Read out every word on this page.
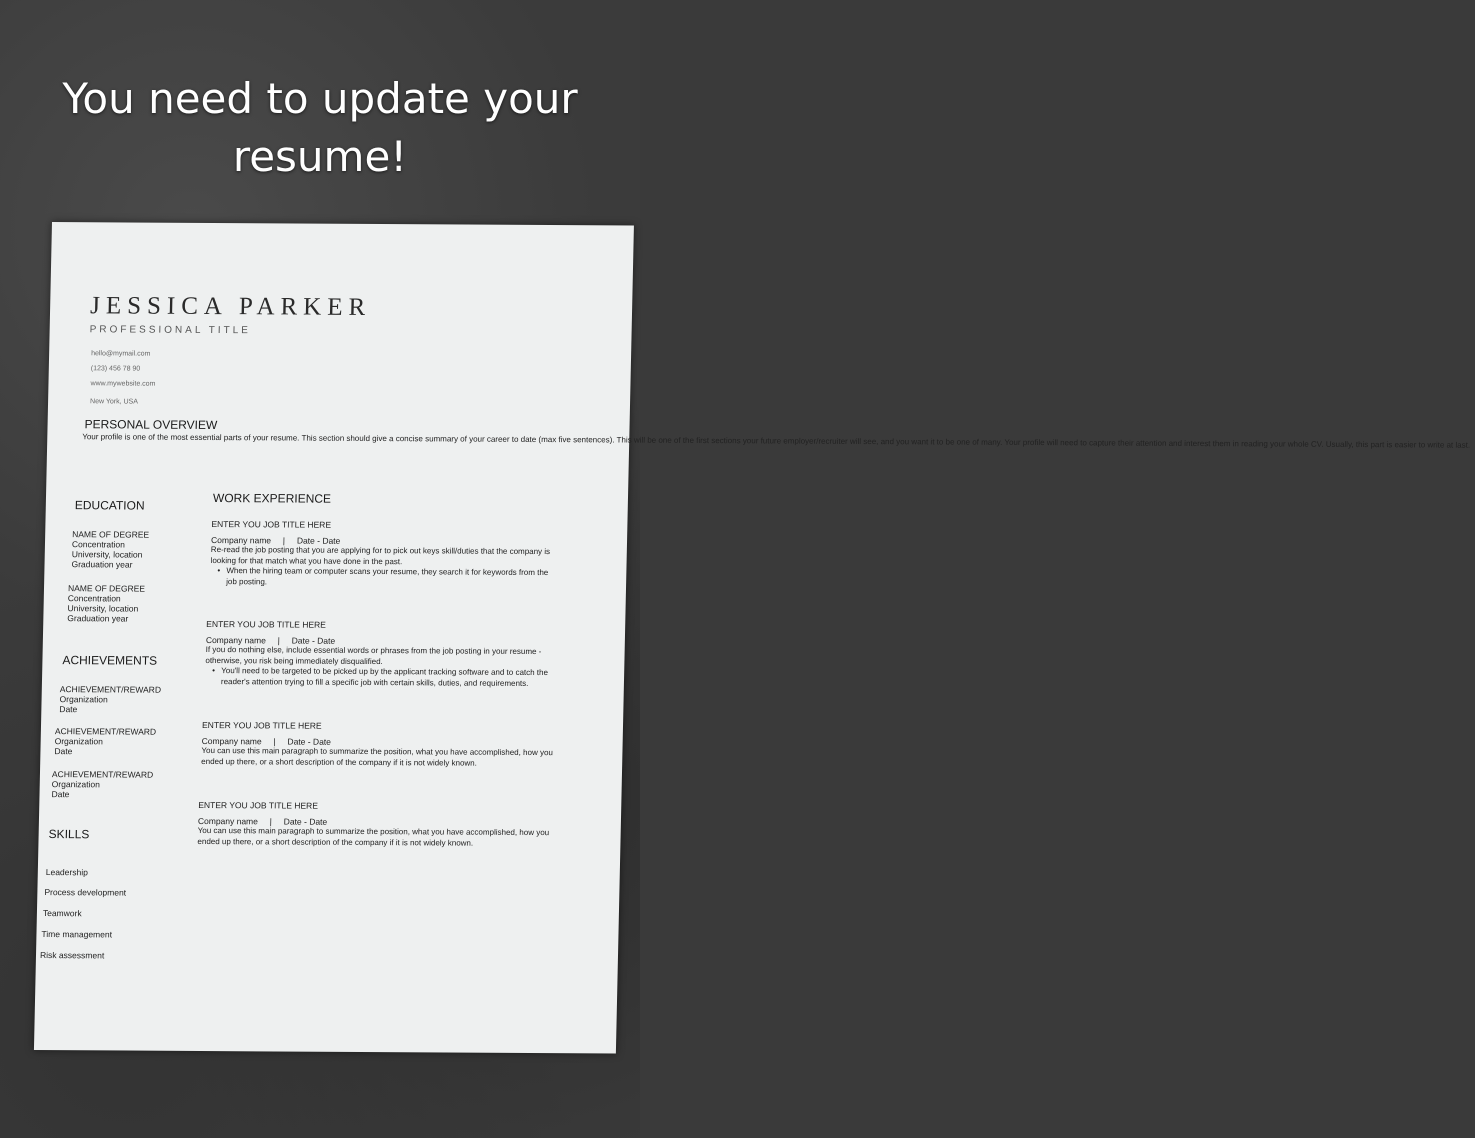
You need to update your
resume!
JESSICA PARKER
PROFESSIONAL TITLE
hello@mymail.com
(123) 456 78 90
www.mywebsite.com
New York, USA
PERSONAL OVERVIEW
Your profile is one of the most essential parts of your resume. This section should give a concise summary of your career to date (max five sentences). This will be one of the first sections your future employer/recruiter will see, and you want it to be one of many. Your profile will need to capture their attention and interest them in reading your whole CV. Usually, this part is easier to write at last.
EDUCATION
NAME OF DEGREE
Concentration
University, location
Graduation year
NAME OF DEGREE
Concentration
University, location
Graduation year
ACHIEVEMENTS
ACHIEVEMENT/REWARD
Organization
Date
ACHIEVEMENT/REWARD
Organization
Date
ACHIEVEMENT/REWARD
Organization
Date
SKILLS
Leadership
Process development
Teamwork
Time management
Risk assessment
WORK EXPERIENCE
ENTER YOU JOB TITLE HERE
Company name     |     Date - Date
Re-read the job posting that you are applying for to pick out keys skill/duties that the company is looking for that match what you have done in the past.
• When the hiring team or computer scans your resume, they search it for keywords from the job posting.
ENTER YOU JOB TITLE HERE
Company name     |     Date - Date
If you do nothing else, include essential words or phrases from the job posting in your resume - otherwise, you risk being immediately disqualified.
• You'll need to be targeted to be picked up by the applicant tracking software and to catch the reader's attention trying to fill a specific job with certain skills, duties, and requirements.
ENTER YOU JOB TITLE HERE
Company name     |     Date - Date
You can use this main paragraph to summarize the position, what you have accomplished, how you ended up there, or a short description of the company if it is not widely known.
ENTER YOU JOB TITLE HERE
Company name     |     Date - Date
You can use this main paragraph to summarize the position, what you have accomplished, how you ended up there, or a short description of the company if it is not widely known.
